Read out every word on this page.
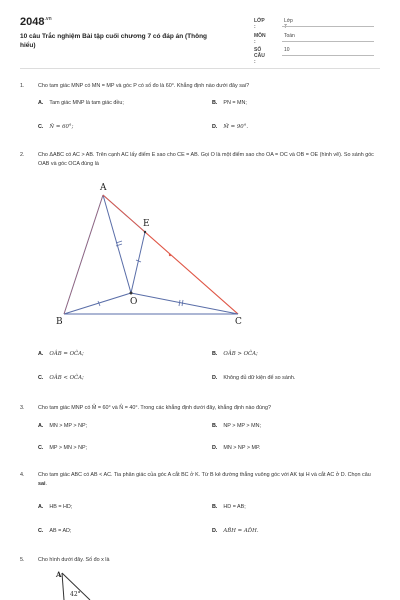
$2048^{.vn}$
10 câu Trắc nghiệm Bài tập cuối chương 7 có đáp án (Thông hiểu)
LỚP :
Lớp 7
MÔN :
Toán
SỐ CÂU :
10
1.	Cho tam giác MNP có MN = MP và góc P có số đo là 60°. Khẳng định nào dưới đây sai?
A. Tam giác MNP là tam giác đều;	B. PN = MN;
C. N̂ = 60°;	D. M̂ = 90°.
2.	Cho ΔABC có AC > AB. Trên cạnh AC lấy điểm E sao cho CE = AB. Gọi O là một điểm sao cho OA = OC và OB = OE (hình vẽ). So sánh góc OAB và góc OCA đúng là
A
B	C
E
O
A
42°
A. OÂB = OĈA;	B. OÂB > OĈA;
C. OÂB < OĈA;	D. Không đủ dữ kiện để so sánh.
3.	Cho tam giác MNP có M̂ = 60° và N̂ = 40°. Trong các khẳng định dưới đây, khẳng định nào đúng?
A. MN > MP > NP;	B. NP > MP > MN;
C. MP > MN > NP;	D. MN > NP > MP.
4.	Cho tam giác ABC có AB < AC. Tia phân giác của góc A cắt BC ở K. Từ B kẻ đường thẳng vuông góc với AK tại H và cắt AC ở D. Chọn câu sai.
A. HB = HD;	B. HD = AB;
C. AB = AD;	D. AB̂H = AD̂H.
5.	Cho hình dưới đây. Số đo x là
